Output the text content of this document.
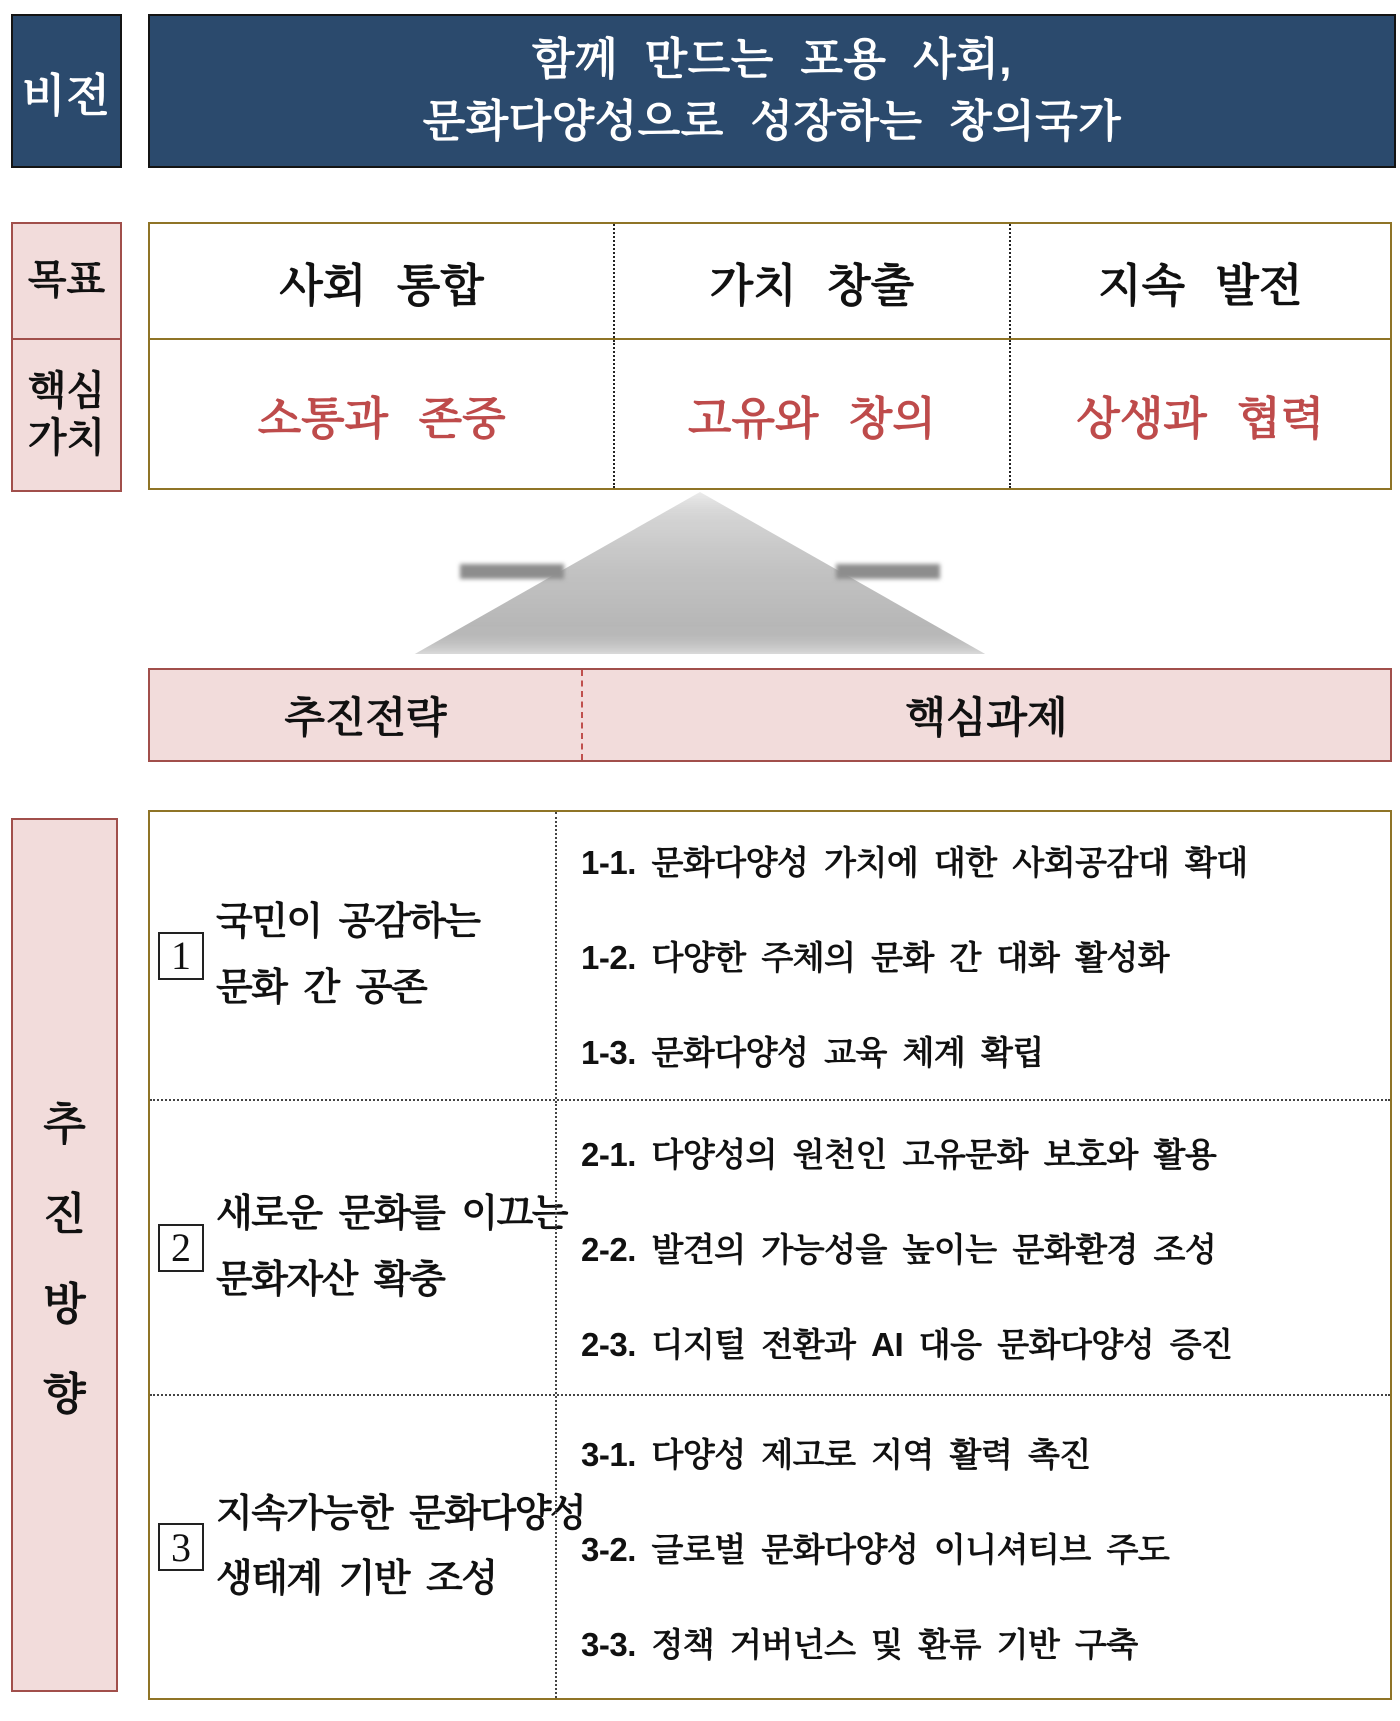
비전
함께 만드는 포용 사회,
문화다양성으로 성장하는 창의국가
목표
핵심
가치
사회 통합	가치 창출	지속 발전
소통과 존중	고유와 창의	상생과 협력
추진전략	핵심과제
추
진
방
향
1
국민이 공감하는
문화 간 공존
1-1. 문화다양성 가치에 대한 사회공감대 확대
1-2. 다양한 주체의 문화 간 대화 활성화
1-3. 문화다양성 교육 체계 확립
2
새로운 문화를 이끄는
문화자산 확충
2-1. 다양성의 원천인 고유문화 보호와 활용
2-2. 발견의 가능성을 높이는 문화환경 조성
2-3. 디지털 전환과 AI 대응 문화다양성 증진
3
지속가능한 문화다양성
생태계 기반 조성
3-1. 다양성 제고로 지역 활력 촉진
3-2. 글로벌 문화다양성 이니셔티브 주도
3-3. 정책 거버넌스 및 환류 기반 구축
